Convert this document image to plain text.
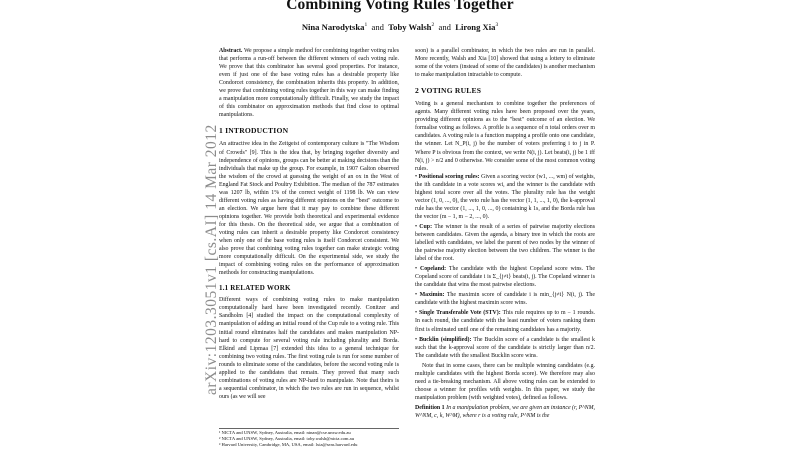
Combining Voting Rules Together
Nina Narodytska$^1$ and Toby Walsh$^2$ and Lirong Xia$^3$
arXiv:1203.3051v1 [cs.AI] 14 Mar 2012

Abstract. We propose a simple method for combining together voting rules that performs a run-off between the different winners of each voting rule. We prove that this combinator has several good properties. For instance, even if just one of the base voting rules has a desirable property like Condorcet consistency, the combination inherits this property. In addition, we prove that combining voting rules together in this way can make finding a manipulation more computationally difficult. Finally, we study the impact of this combinator on approximation methods that find close to optimal manipulations.

1 INTRODUCTION

An attractive idea in the Zeitgeist of contemporary culture is "The Wisdom of Crowds" [9]. This is the idea that, by bringing together diversity and independence of opinions, groups can be better at making decisions than the individuals that make up the group. For example, in 1907 Galton observed the wisdom of the crowd at guessing the weight of an ox in the West of England Fat Stock and Poultry Exhibition. The median of the 787 estimates was 1207 lb, within 1% of the correct weight of 1198 lb. We can view different voting rules as having different opinions on the "best" outcome to an election. We argue here that it may pay to combine these different opinions together. We provide both theoretical and experimental evidence for this thesis. On the theoretical side, we argue that a combination of voting rules can inherit a desirable property like Condorcet consistency when only one of the base voting rules is itself Condorcet consistent. We also prove that combining voting rules together can make strategic voting more computationally difficult. On the experimental side, we study the impact of combining voting rules on the performance of approximation methods for constructing manipulations.

1.1 RELATED WORK

Different ways of combining voting rules to make manipulation computationally hard have been investigated recently. Conitzer and Sandholm [4] studied the impact on the computational complexity of manipulation of adding an initial round of the Cup rule to a voting rule. This initial round eliminates half the candidates and makes manipulation NP-hard to compute for several voting rule including plurality and Borda. Elkind and Lipmaa [7] extended this idea to a general technique for combining two voting rules. The first voting rule is run for some number of rounds to eliminate some of the candidates, before the second voting rule is applied to the candidates that remain. They proved that many such combinations of voting rules are NP-hard to manipulate. Note that theirs is a sequential combinator, in which the two rules are run in sequence, whilst ours (as we will see

¹ NICTA and UNSW, Sydney, Australia, email: ninan@cse.unsw.edu.au
² NICTA and UNSW, Sydney, Australia, email: toby.walsh@nicta.com.au
³ Harvard University, Cambridge, MA, USA, email: lxia@seas.harvard.edu

soon) is a parallel combinator, in which the two rules are run in parallel. More recently, Walsh and Xia [10] showed that using a lottery to eliminate some of the voters (instead of some of the candidates) is another mechanism to make manipulation intractable to compute.

2 VOTING RULES

Voting is a general mechanism to combine together the preferences of agents. Many different voting rules have been proposed over the years, providing different opinions as to the "best" outcome of an election. We formalise voting as follows. A profile is a sequence of n total orders over m candidates. A voting rule is a function mapping a profile onto one candidate, the winner. Let N_P(i, j) be the number of voters preferring i to j in P. Where P is obvious from the context, we write N(i, j). Let beats(i, j) be 1 iff N(i, j) > n/2 and 0 otherwise. We consider some of the most common voting rules.

• Positional scoring rules: Given a scoring vector (w1, ..., wm) of weights, the ith candidate in a vote scores wi, and the winner is the candidate with highest total score over all the votes. The plurality rule has the weight vector (1, 0, ..., 0), the veto rule has the vector (1, 1, ..., 1, 0), the k-approval rule has the vector (1, ..., 1, 0, ..., 0) containing k 1s, and the Borda rule has the vector (m − 1, m − 2, ..., 0).

• Cup: The winner is the result of a series of pairwise majority elections between candidates. Given the agenda, a binary tree in which the roots are labelled with candidates, we label the parent of two nodes by the winner of the pairwise majority election between the two children. The winner is the label of the root.

• Copeland: The candidate with the highest Copeland score wins. The Copeland score of candidate i is Σ_{j≠i} beats(i, j). The Copeland winner is the candidate that wins the most pairwise elections.

• Maximin: The maximin score of candidate i is min_{j≠i} N(i, j). The candidate with the highest maximin score wins.

• Single Transferable Vote (STV): This rule requires up to m − 1 rounds. In each round, the candidate with the least number of voters ranking them first is eliminated until one of the remaining candidates has a majority.

• Bucklin (simplified): The Bucklin score of a candidate is the smallest k such that the k-approval score of the candidate is strictly larger than n/2. The candidate with the smallest Bucklin score wins.

Note that in some cases, there can be multiple winning candidates (e.g. multiple candidates with the highest Borda score). We therefore may also need a tie-breaking mechanism. All above voting rules can be extended to choose a winner for profiles with weights. In this paper, we study the manipulation problem (with weighted votes), defined as follows.

Definition 1 In a manipulation problem, we are given an instance (r, P^NM, W^NM, c, k, W^M), where r is a voting rule, P^NM is the
